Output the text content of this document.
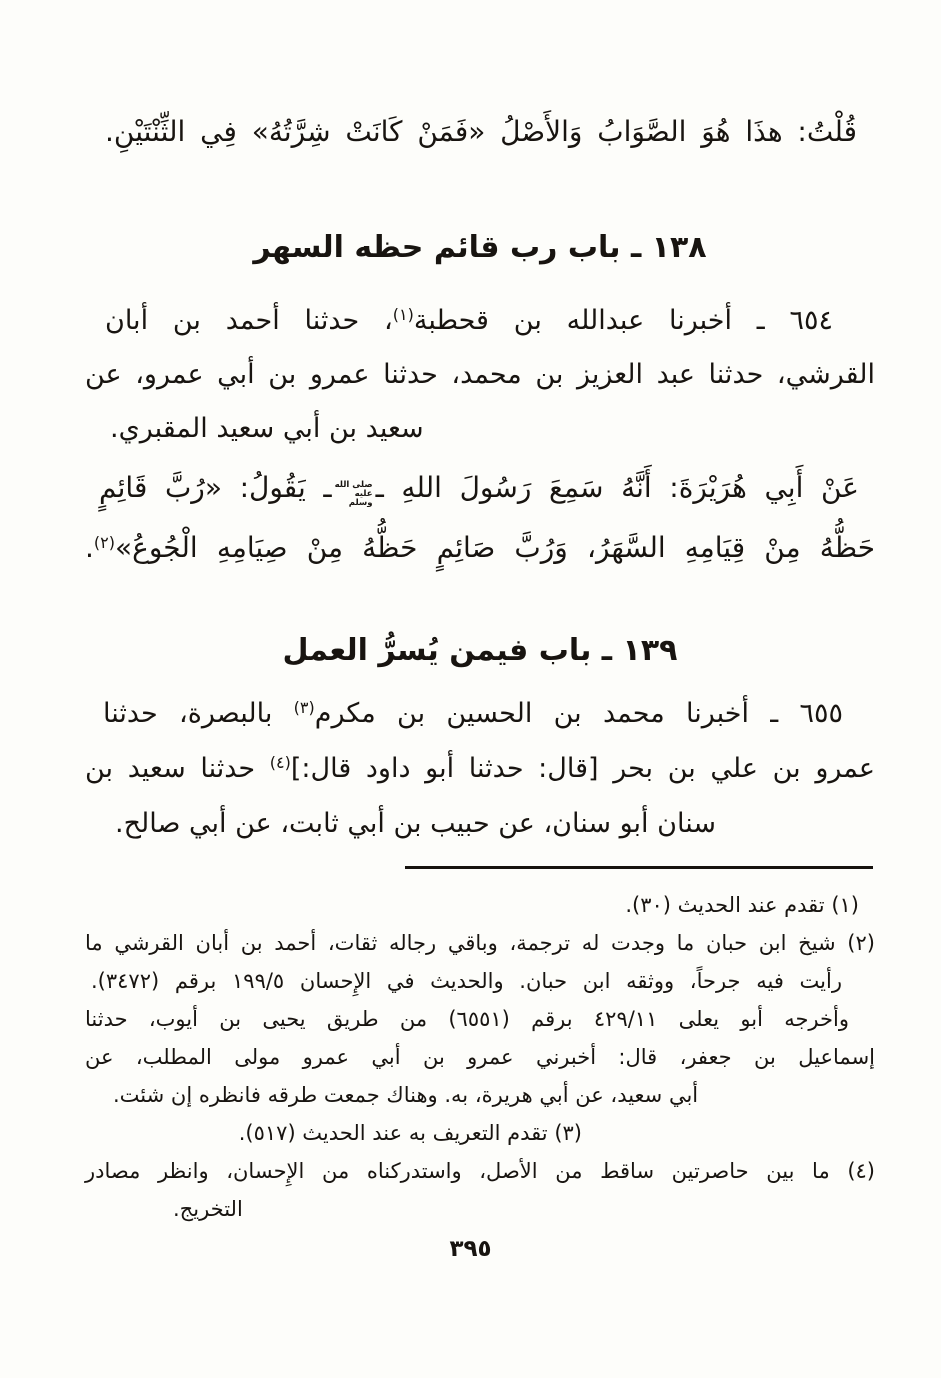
قُلْتُ: هذَا هُوَ الصَّوَابُ وَالأَصْلُ «فَمَنْ كَانَتْ شِرَّتُهُ» فِي الثِّنْتَيْنِ.
١٣٨ ـ باب رب قائم حظه السهر
٦٥٤ ـ أخبرنا عبدالله بن قحطبة$^{(١)}$، حدثنا أحمد بن أبان
القرشي، حدثنا عبد العزيز بن محمد، حدثنا عمرو بن أبي عمرو، عن
سعيد بن أبي سعيد المقبري.
عَنْ أَبِي هُرَيْرَةَ: أَنَّهُ سَمِعَ رَسُولَ اللهِ ـصلى الله
عليه
وسلمـ يَقُولُ: «رُبَّ قَائِمٍ
حَظُّهُ مِنْ قِيَامِهِ السَّهَرُ، وَرُبَّ صَائِمٍ حَظُّهُ مِنْ صِيَامِهِ الْجُوعُ»$^{(٢)}$.
١٣٩ ـ باب فيمن يُسرُّ العمل
٦٥٥ ـ أخبرنا محمد بن الحسين بن مكرم$^{(٣)}$ بالبصرة، حدثنا
عمرو بن علي بن بحر [قال: حدثنا أبو داود قال:]$^{(٤)}$ حدثنا سعيد بن
سنان أبو سنان، عن حبيب بن أبي ثابت، عن أبي صالح.
(١) تقدم عند الحديث (٣٠).
(٢) شيخ ابن حبان ما وجدت له ترجمة، وباقي رجاله ثقات، أحمد بن أبان القرشي ما
رأيت فيه جرحاً، ووثقه ابن حبان. والحديث في الإِحسان ١٩٩/٥ برقم (٣٤٧٢).
وأخرجه أبو يعلى ٤٢٩/١١ برقم (٦٥٥١) من طريق يحيى بن أيوب، حدثنا
إسماعيل بن جعفر، قال: أخبرني عمرو بن أبي عمرو مولى المطلب، عن
أبي سعيد، عن أبي هريرة، به. وهناك جمعت طرقه فانظره إن شئت.
(٣) تقدم التعريف به عند الحديث (٥١٧).
(٤) ما بين حاصرتين ساقط من الأصل، واستدركناه من الإِحسان، وانظر مصادر
التخريج.
٣٩٥
